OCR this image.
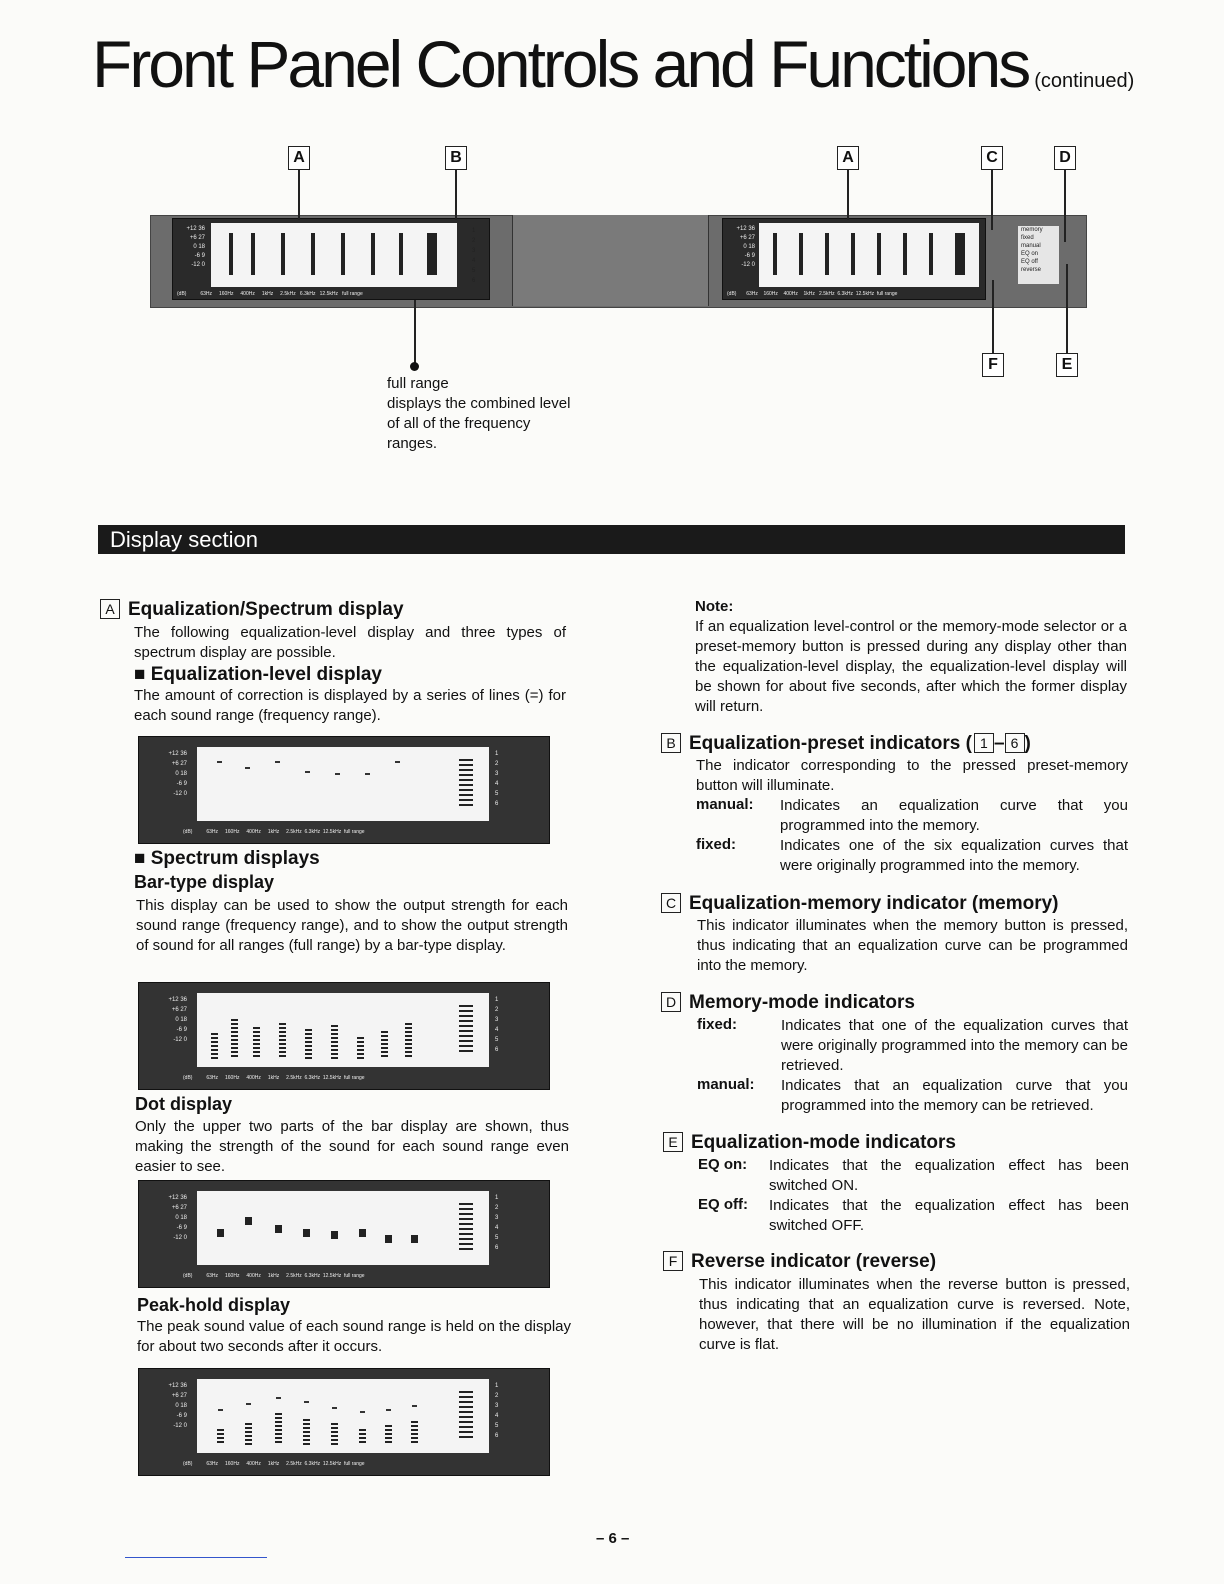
Front Panel Controls and Functions (continued)
+12 36
+6 27
0 18
-6 9
-12 0
(dB)	63Hz 160Hz 400Hz 1kHz 2.5kHz 6.3kHz 12.5kHz full range
1
2
3
4
5
6
+12 36
+6 27
0 18
-6 9
-12 0
(dB) 63Hz 160Hz 400Hz 1kHz 2.5kHz 6.3kHz 12.5kHz full range
memory
fixed
manual
EQ on
EQ off
reverse
A	B	A	C	D
F	E
full range
displays the combined level
of all of the frequency
ranges.
Display section
A Equalization/Spectrum display
The following equalization-level display and three types of spectrum display are possible.
■ Equalization-level display
The amount of correction is displayed by a series of lines (=) for each sound range (frequency range).
+12 36
+6 27
0 18
-6 9
-12 0
1
2
3
4
5
6
(dB)	63Hz 160Hz 400Hz 1kHz 2.5kHz 6.3kHz 12.5kHz full range
■ Spectrum displays
Bar-type display
This display can be used to show the output strength for each sound range (frequency range), and to show the output strength of sound for all ranges (full range) by a bar-type display.
+12 36
+6 27
0 18
-6 9
-12 0
1
2
3
4
5
6
(dB)	63Hz 160Hz 400Hz 1kHz 2.5kHz 6.3kHz 12.5kHz full range
Dot display
Only the upper two parts of the bar display are shown, thus making the strength of the sound for each sound range even easier to see.
+12 36
+6 27
0 18
-6 9
-12 0
1
2
3
4
5
6
(dB)	63Hz 160Hz 400Hz 1kHz 2.5kHz 6.3kHz 12.5kHz full range
Peak-hold display
The peak sound value of each sound range is held on the display for about two seconds after it occurs.
+12 36
+6 27
0 18
-6 9
-12 0
1
2
3
4
5
6
(dB)	63Hz 160Hz 400Hz 1kHz 2.5kHz 6.3kHz 12.5kHz full range
Note:
If an equalization level-control or the memory-mode selector or a preset-memory button is pressed during any display other than the equalization-level display, the equalization-level display will be shown for about five seconds, after which the former display will return.
B Equalization-preset indicators ( 1 – 6 )
The indicator corresponding to the pressed preset-memory button will illuminate.
manual: Indicates an equalization curve that you programmed into the memory.
fixed:	Indicates one of the six equalization curves that were originally programmed into the memory.
C Equalization-memory indicator (memory)
This indicator illuminates when the memory button is pressed, thus indicating that an equalization curve can be programmed into the memory.
D Memory-mode indicators
fixed:	Indicates that one of the equalization curves that were originally programmed into the memory can be retrieved.
manual: Indicates that an equalization curve that you programmed into the memory can be retrieved.
E Equalization-mode indicators
EQ on: Indicates that the equalization effect has been switched ON.
EQ off: Indicates that the equalization effect has been switched OFF.
F Reverse indicator (reverse)
This indicator illuminates when the reverse button is pressed, thus indicating that an equalization curve is reversed. Note, however, that there will be no illumination if the equalization curve is flat.
– 6 –
